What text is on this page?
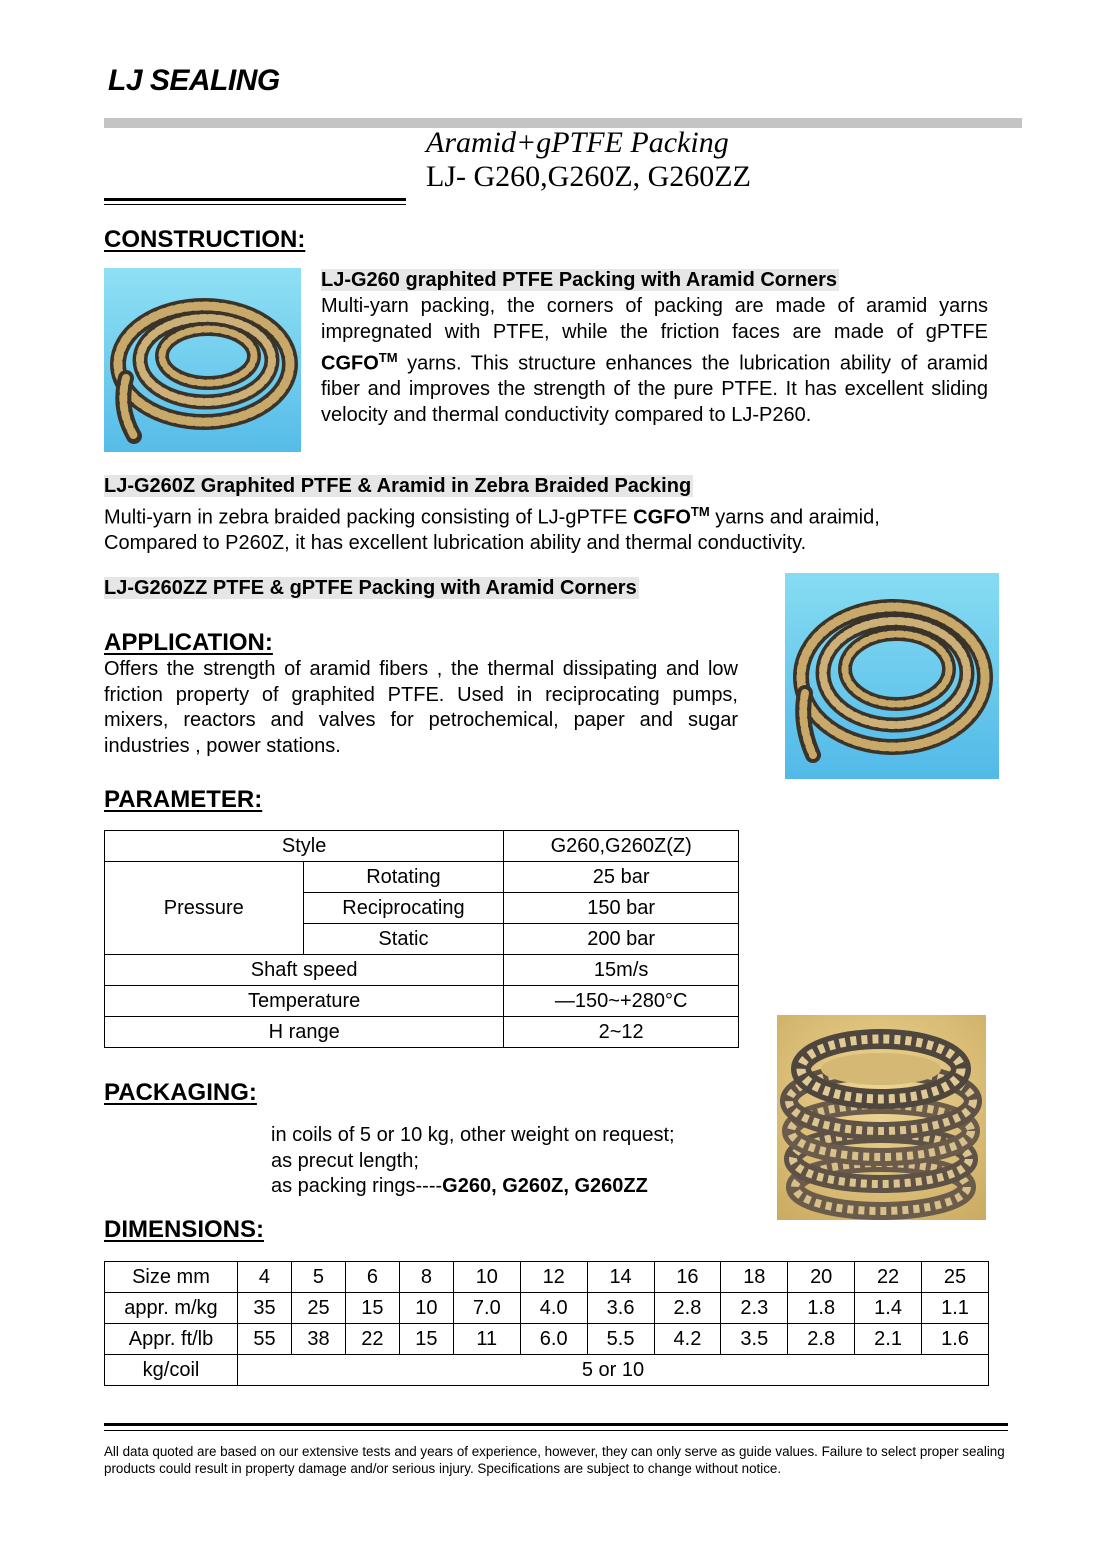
LJ SEALING
Aramid+gPTFE Packing
LJ- G260,G260Z, G260ZZ
CONSTRUCTION:
LJ-G260 graphited PTFE Packing with Aramid Corners
Multi-yarn packing, the corners of packing are made of aramid yarns impregnated with PTFE, while the friction faces are made of gPTFE CGFO™ yarns. This structure enhances the lubrication ability of aramid fiber and improves the strength of the pure PTFE. It has excellent sliding velocity and thermal conductivity compared to LJ-P260.
LJ-G260Z Graphited PTFE & Aramid in Zebra Braided Packing
Multi-yarn in zebra braided packing consisting of LJ-gPTFE CGFO™ yarns and araimid,
Compared to P260Z, it has excellent lubrication ability and thermal conductivity.
LJ-G260ZZ PTFE & gPTFE Packing with Aramid Corners
APPLICATION:
Offers the strength of aramid fibers , the thermal dissipating and low friction property of graphited PTFE. Used in reciprocating pumps, mixers, reactors and valves for petrochemical, paper and sugar industries , power stations.
PARAMETER:
Style		G260,G260Z(Z)
Pressure	Rotating	25 bar
	Reciprocating	150 bar
	Static	200 bar
Shaft speed		15m/s
Temperature		—150~+280°C
H range		2~12
PACKAGING:
in coils of 5 or 10 kg, other weight on request;
as precut length;
as packing rings----G260, G260Z, G260ZZ
DIMENSIONS:
Size mm	4	5	6	8	10	12	14	16	18	20	22	25
appr. m/kg	35	25	15	10	7.0	4.0	3.6	2.8	2.3	1.8	1.4	1.1
Appr. ft/lb	55	38	22	15	11	6.0	5.5	4.2	3.5	2.8	2.1	1.6
kg/coil	5 or 10											
All data quoted are based on our extensive tests and years of experience, however, they can only serve as guide values. Failure to select proper sealing products could result in property damage and/or serious injury. Specifications are subject to change without notice.
